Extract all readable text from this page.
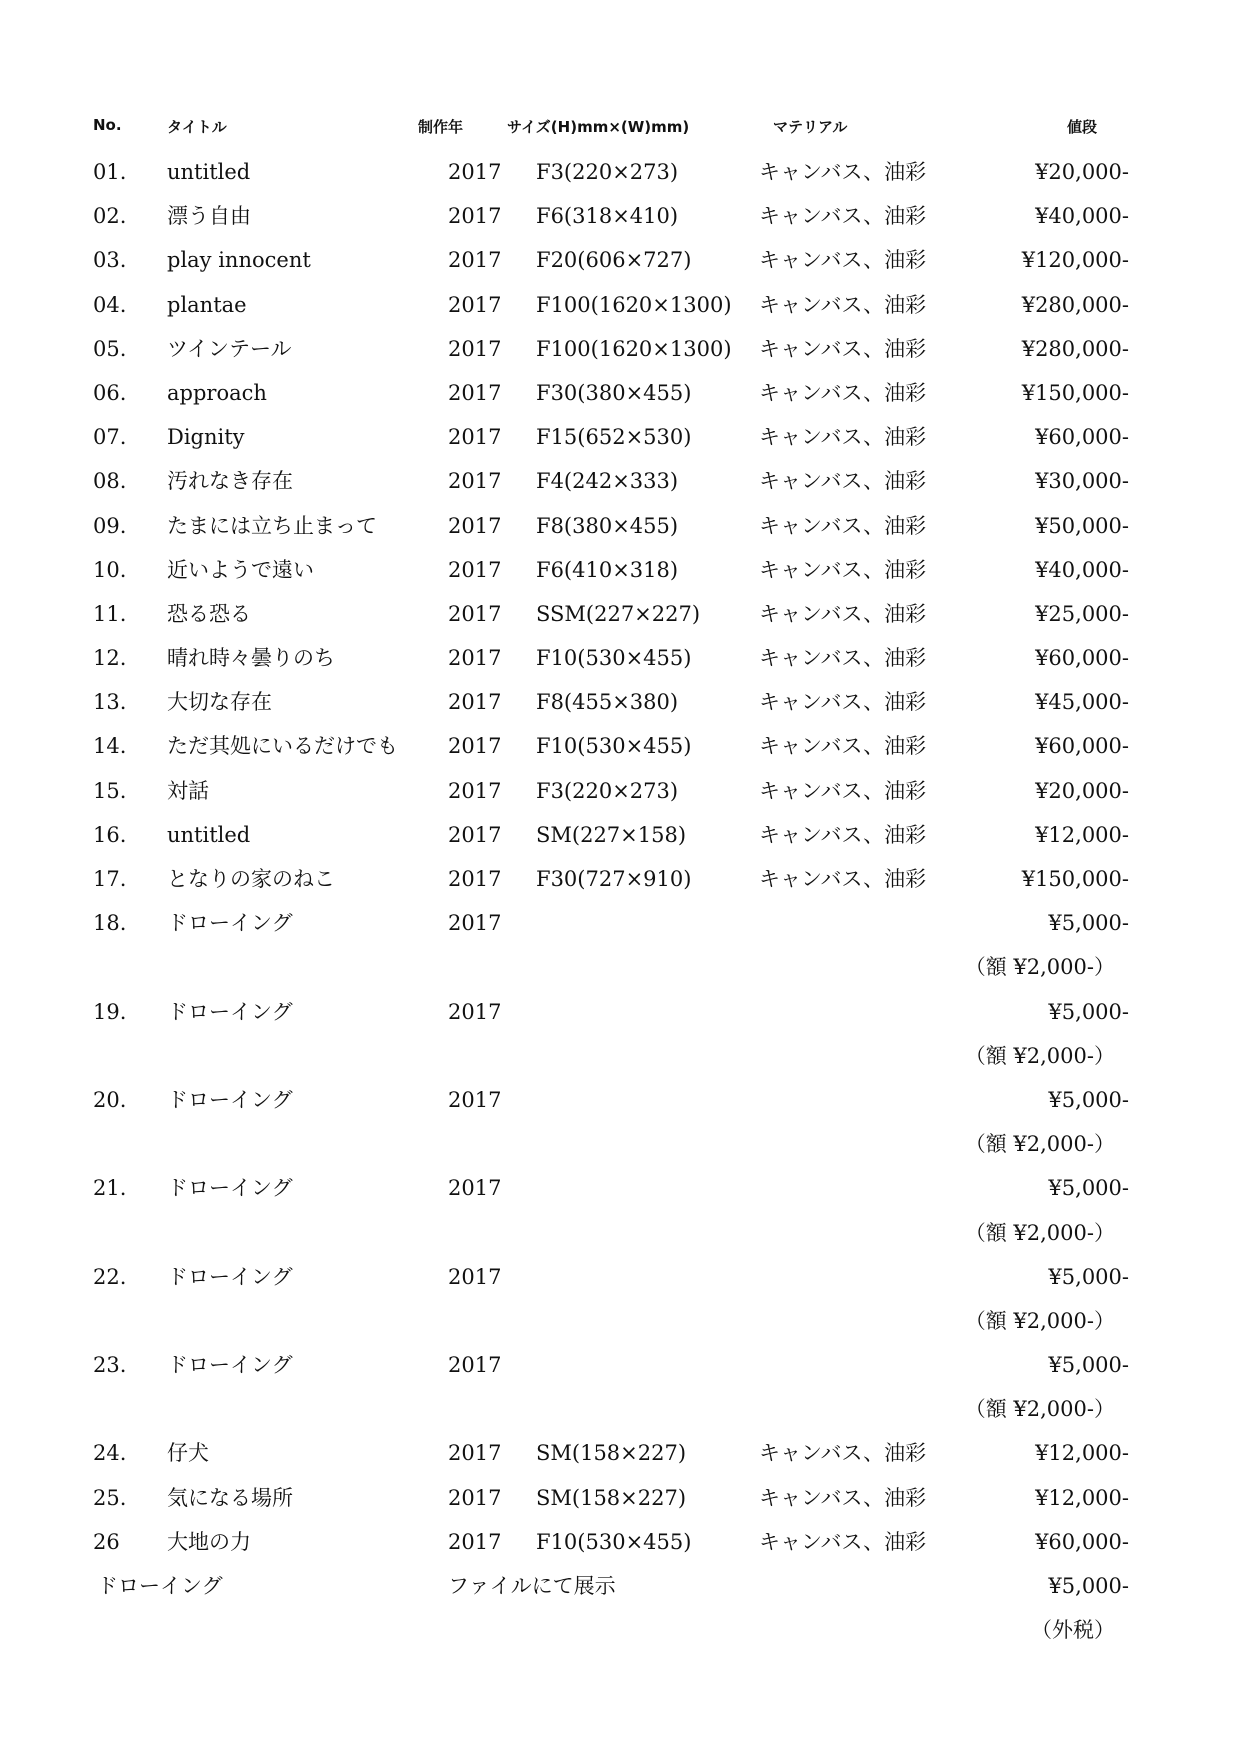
No.	タイトル	制作年	サイズ(H)mm×(W)mm)	マテリアル	値段
01. untitled	2017 F3(220×273)	キャンバス、油彩	¥20,000-
02. 漂う自由	2017 F6(318×410)	キャンバス、油彩	¥40,000-
03. play innocent	2017 F20(606×727)	キャンバス、油彩	¥120,000-
04. plantae	2017 F100(1620×1300) キャンバス、油彩	¥280,000-
05. ツインテール	2017 F100(1620×1300) キャンバス、油彩	¥280,000-
06. approach	2017 F30(380×455)	キャンバス、油彩	¥150,000-
07. Dignity	2017 F15(652×530)	キャンバス、油彩	¥60,000-
08. 汚れなき存在	2017 F4(242×333)	キャンバス、油彩	¥30,000-
09. たまには立ち止まって	2017 F8(380×455)	キャンバス、油彩	¥50,000-
10. 近いようで遠い	2017 F6(410×318)	キャンバス、油彩	¥40,000-
11. 恐る恐る	2017 SSM(227×227)	キャンバス、油彩	¥25,000-
12. 晴れ時々曇りのち	2017 F10(530×455)	キャンバス、油彩	¥60,000-
13. 大切な存在	2017 F8(455×380)	キャンバス、油彩	¥45,000-
14. ただ其処にいるだけでも 2017 F10(530×455)	キャンバス、油彩	¥60,000-
15. 対話	2017 F3(220×273)	キャンバス、油彩	¥20,000-
16. untitled	2017 SM(227×158)	キャンバス、油彩	¥12,000-
17. となりの家のねこ	2017 F30(727×910)	キャンバス、油彩	¥150,000-
18. ドローイング	2017	¥5,000-
（額 ¥2,000-）
19. ドローイング	2017	¥5,000-
（額 ¥2,000-）
20. ドローイング	2017	¥5,000-
（額 ¥2,000-）
21. ドローイング	2017	¥5,000-
（額 ¥2,000-）
22. ドローイング	2017	¥5,000-
（額 ¥2,000-）
23. ドローイング	2017	¥5,000-
（額 ¥2,000-）
24. 仔犬	2017 SM(158×227)	キャンバス、油彩	¥12,000-
25. 気になる場所	2017 SM(158×227)	キャンバス、油彩	¥12,000-
26 大地の力	2017 F10(530×455)	キャンバス、油彩	¥60,000-
ドローイング	ファイルにて展示	¥5,000-
（外税）
